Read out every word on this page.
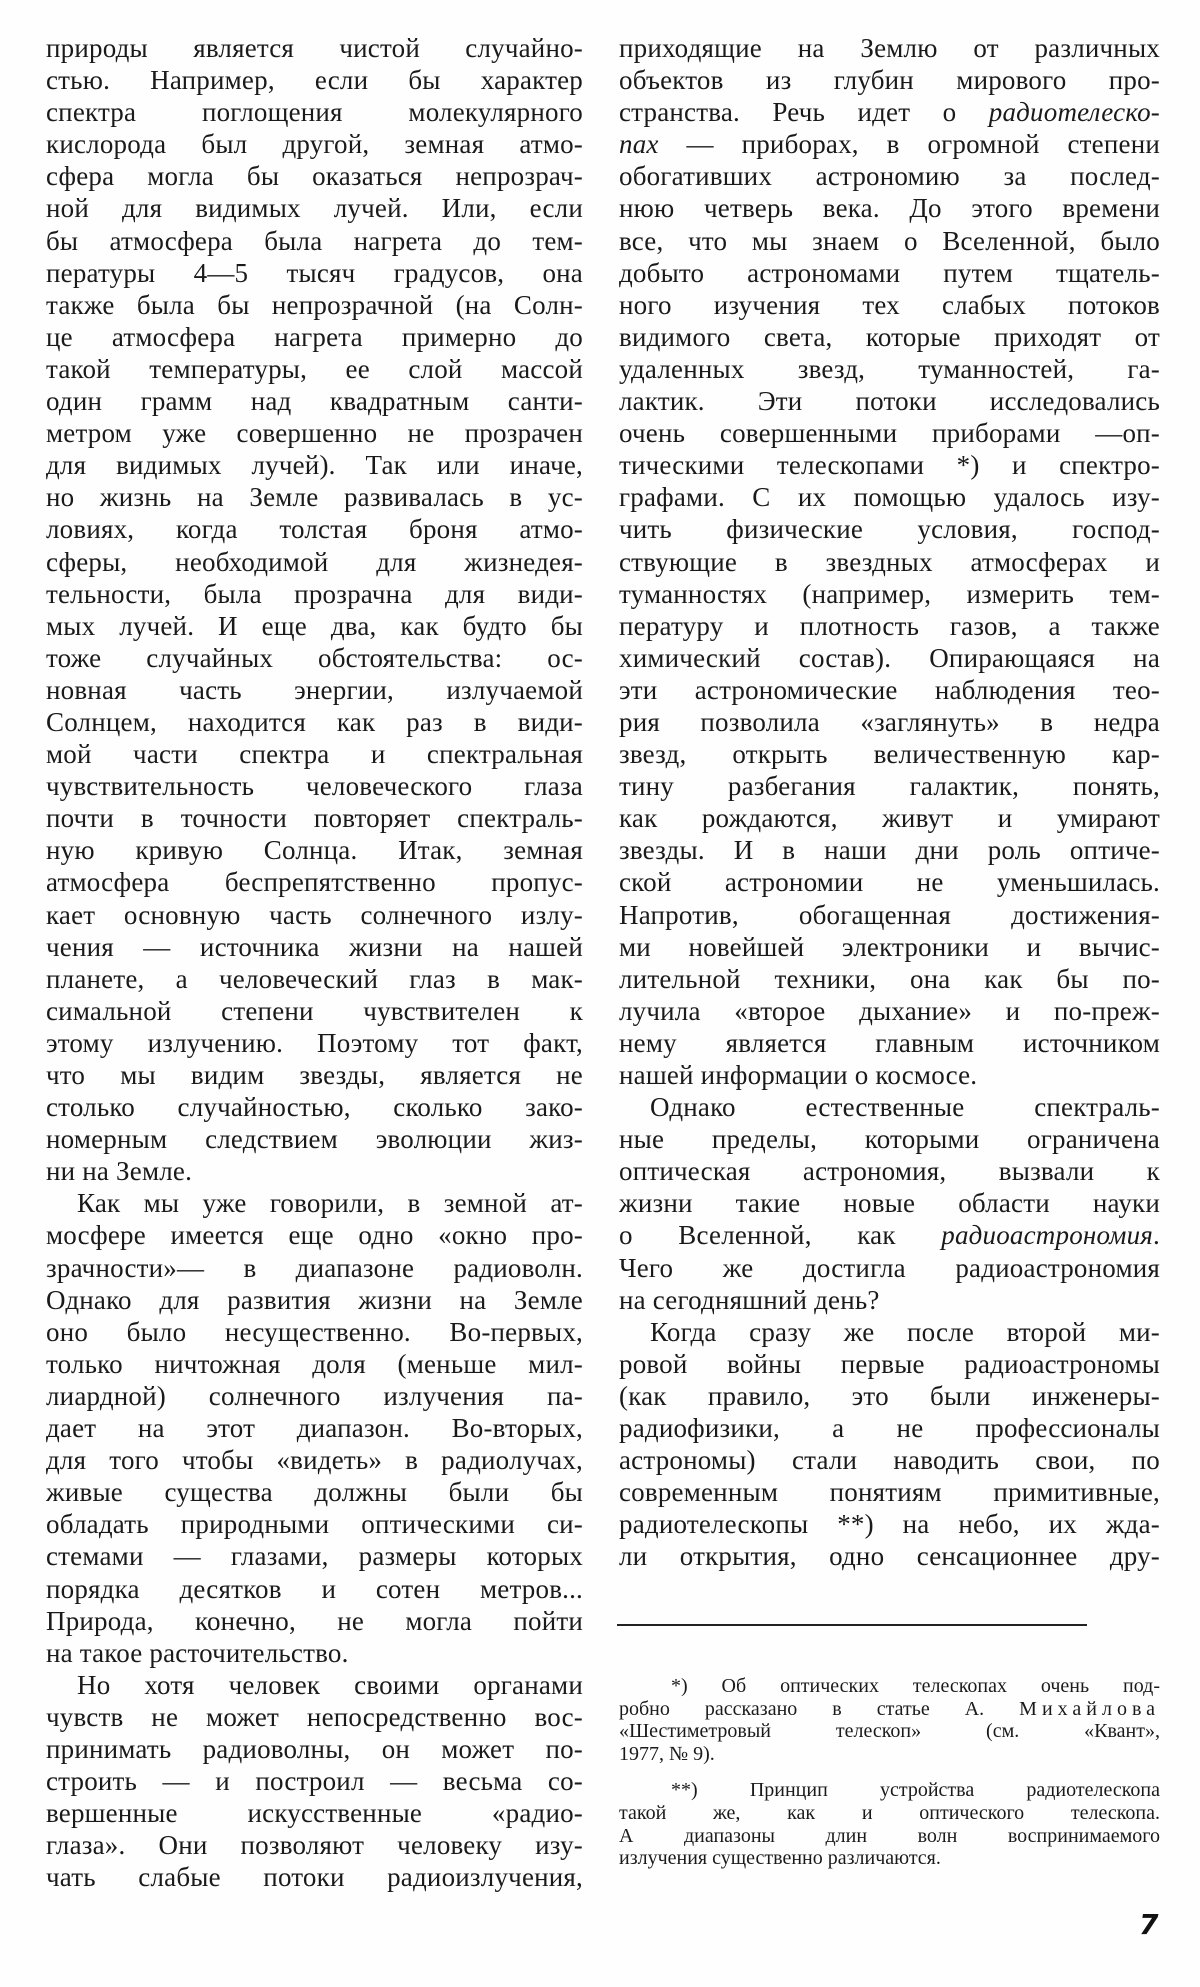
природы является чистой случайно-
стью. Например, если бы характер
спектра поглощения молекулярного
кислорода был другой, земная атмо-
сфера могла бы оказаться непрозрач-
ной для видимых лучей. Или, если
бы атмосфера была нагрета до тем-
пературы 4—5 тысяч градусов, она
также была бы непрозрачной (на Солн-
це атмосфера нагрета примерно до
такой температуры, ее слой массой
один грамм над квадратным санти-
метром уже совершенно не прозрачен
для видимых лучей). Так или иначе,
но жизнь на Земле развивалась в ус-
ловиях, когда толстая броня атмо-
сферы, необходимой для жизнедея-
тельности, была прозрачна для види-
мых лучей. И еще два, как будто бы
тоже случайных обстоятельства: ос-
новная часть энергии, излучаемой
Солнцем, находится как раз в види-
мой части спектра и спектральная
чувствительность человеческого глаза
почти в точности повторяет спектраль-
ную кривую Солнца. Итак, земная
атмосфера беспрепятственно пропус-
кает основную часть солнечного излу-
чения — источника жизни на нашей
планете, а человеческий глаз в мак-
симальной степени чувствителен к
этому излучению. Поэтому тот факт,
что мы видим звезды, является не
столько случайностью, сколько зако-
номерным следствием эволюции жиз-
ни на Земле.
Как мы уже говорили, в земной ат-
мосфере имеется еще одно «окно про-
зрачности»— в диапазоне радиоволн.
Однако для развития жизни на Земле
оно было несущественно. Во-первых,
только ничтожная доля (меньше мил-
лиардной) солнечного излучения па-
дает на этот диапазон. Во-вторых,
для того чтобы «видеть» в радиолучах,
живые существа должны были бы
обладать природными оптическими си-
стемами — глазами, размеры которых
порядка десятков и сотен метров...
Природа, конечно, не могла пойти
на такое расточительство.
Но хотя человек своими органами
чувств не может непосредственно вос-
принимать радиоволны, он может по-
строить — и построил — весьма со-
вершенные искусственные «радио-
глаза». Они позволяют человеку изу-
чать слабые потоки радиоизлучения,
приходящие на Землю от различных
объектов из глубин мирового про-
странства. Речь идет о радиотелеско-
пах — приборах, в огромной степени
обогативших астрономию за послед-
нюю четверь века. До этого времени
все, что мы знаем о Вселенной, было
добыто астрономами путем тщатель-
ного изучения тех слабых потоков
видимого света, которые приходят от
удаленных звезд, туманностей, га-
лактик. Эти потоки исследовались
очень совершенными приборами —оп-
тическими телескопами *) и спектро-
графами. С их помощью удалось изу-
чить физические условия, господ-
ствующие в звездных атмосферах и
туманностях (например, измерить тем-
пературу и плотность газов, а также
химический состав). Опирающаяся на
эти астрономические наблюдения тео-
рия позволила «заглянуть» в недра
звезд, открыть величественную кар-
тину разбегания галактик, понять,
как рождаются, живут и умирают
звезды. И в наши дни роль оптиче-
ской астрономии не уменьшилась.
Напротив, обогащенная достижения-
ми новейшей электроники и вычис-
лительной техники, она как бы по-
лучила «второе дыхание» и по-преж-
нему является главным источником
нашей информации о космосе.
Однако естественные спектраль-
ные пределы, которыми ограничена
оптическая астрономия, вызвали к
жизни такие новые области науки
о Вселенной, как радиоастрономия.
Чего же достигла радиоастрономия
на сегодняшний день?
Когда сразу же после второй ми-
ровой войны первые радиоастрономы
(как правило, это были инженеры-
радиофизики, а не профессионалы
астрономы) стали наводить свои, по
современным понятиям примитивные,
радиотелескопы **) на небо, их жда-
ли открытия, одно сенсационнее дру-
*) Об оптических телескопах очень под-
робно рассказано в статье А. Михайлова
«Шестиметровый телескоп» (см. «Квант»,
1977, № 9).
**) Принцип устройства радиотелескопа
такой же, как и оптического телескопа.
А диапазоны длин волн воспринимаемого
излучения существенно различаются.
7
